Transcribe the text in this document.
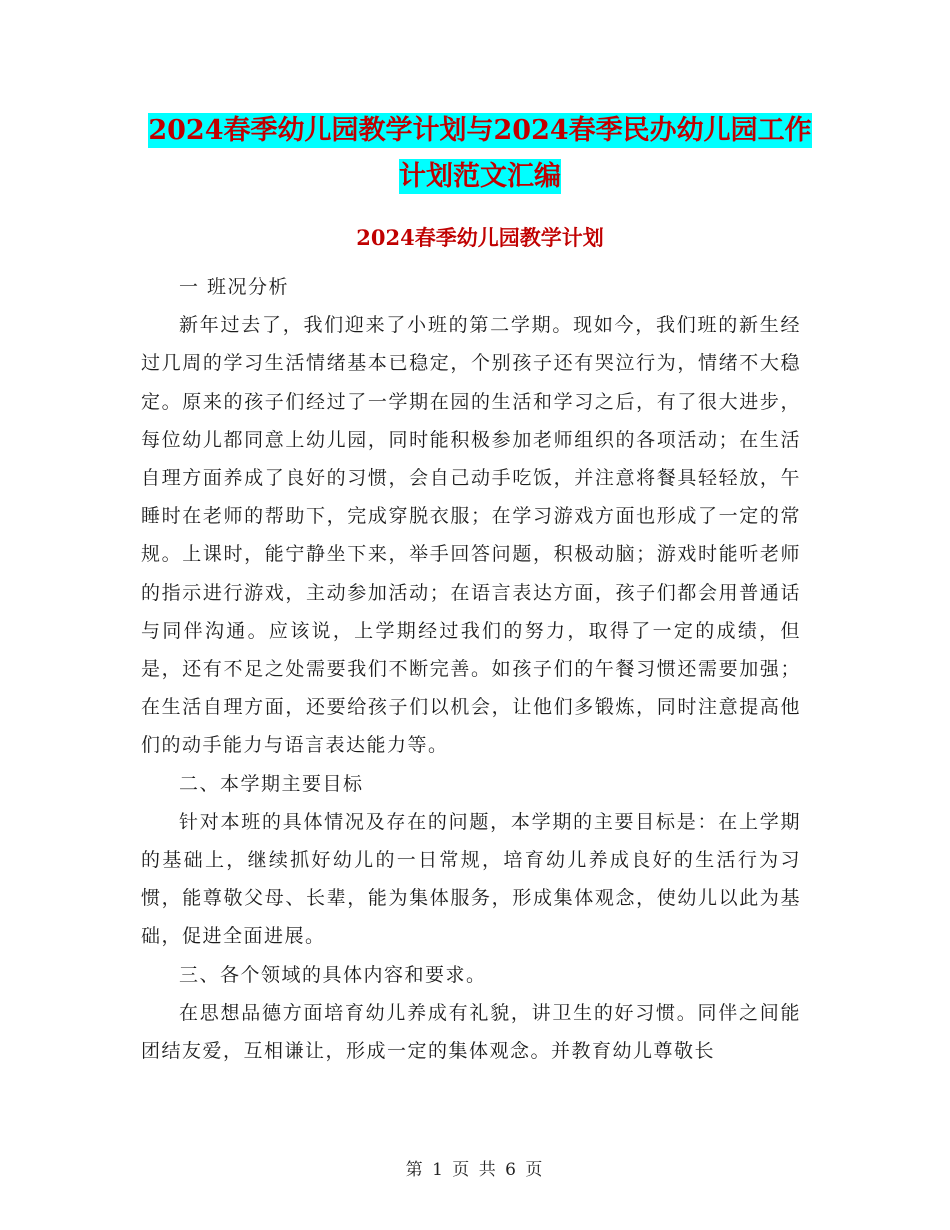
2024春季幼儿园教学计划与2024春季民办幼儿园工作
计划范文汇编
2024春季幼儿园教学计划

一 班况分析

新年过去了，我们迎来了小班的第二学期。现如今，我们班的新生经过几周的学习生活情绪基本已稳定，个别孩子还有哭泣行为，情绪不大稳定。原来的孩子们经过了一学期在园的生活和学习之后，有了很大进步，每位幼儿都同意上幼儿园，同时能积极参加老师组织的各项活动；在生活自理方面养成了良好的习惯，会自己动手吃饭，并注意将餐具轻轻放，午睡时在老师的帮助下，完成穿脱衣服；在学习游戏方面也形成了一定的常规。上课时，能宁静坐下来，举手回答问题，积极动脑；游戏时能听老师的指示进行游戏，主动参加活动；在语言表达方面，孩子们都会用普通话与同伴沟通。应该说，上学期经过我们的努力，取得了一定的成绩，但是，还有不足之处需要我们不断完善。如孩子们的午餐习惯还需要加强；在生活自理方面，还要给孩子们以机会，让他们多锻炼，同时注意提高他们的动手能力与语言表达能力等。

二、本学期主要目标

针对本班的具体情况及存在的问题，本学期的主要目标是：在上学期的基础上，继续抓好幼儿的一日常规，培育幼儿养成良好的生活行为习惯，能尊敬父母、长辈，能为集体服务，形成集体观念，使幼儿以此为基础，促进全面进展。

三、各个领域的具体内容和要求。

在思想品德方面培育幼儿养成有礼貌，讲卫生的好习惯。同伴之间能团结友爱，互相谦让，形成一定的集体观念。并教育幼儿尊敬长

第 1 页 共 6 页
